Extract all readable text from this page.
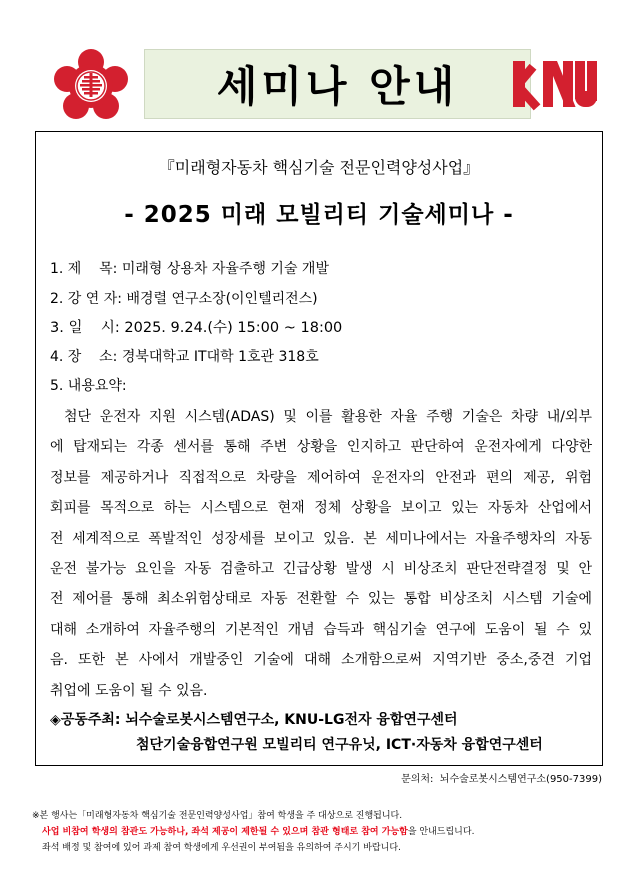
세미나 안내
『미래형자동차 핵심기술 전문인력양성사업』
- 2025 미래 모빌리티 기술세미나 -
1. 제    목: 미래형 상용차 자율주행 기술 개발
2. 강 연 자: 배경렬 연구소장(이인텔리전스)
3. 일    시: 2025. 9.24.(수) 15:00 ~ 18:00
4. 장    소: 경북대학교 IT대학 1호관 318호
5. 내용요약:
첨단 운전자 지원 시스템(ADAS) 및 이를 활용한 자율 주행 기술은 차량 내/외부
에 탑재되는 각종 센서를 통해 주변 상황을 인지하고 판단하여 운전자에게 다양한
정보를 제공하거나 직접적으로 차량을 제어하여 운전자의 안전과 편의 제공, 위험
회피를 목적으로 하는 시스템으로 현재 정체 상황을 보이고 있는 자동차 산업에서
전 세계적으로 폭발적인 성장세를 보이고 있음. 본 세미나에서는 자율주행차의 자동
운전 불가능 요인을 자동 검출하고 긴급상황 발생 시 비상조치 판단전략결정 및 안
전 제어를 통해 최소위험상태로 자동 전환할 수 있는 통합 비상조치 시스템 기술에
대해 소개하여 자율주행의 기본적인 개념 습득과 핵심기술 연구에 도움이 될 수 있
음. 또한 본 사에서 개발중인 기술에 대해 소개함으로써 지역기반 중소,중견 기업
취업에 도움이 될 수 있음.
◈공동주최: 뇌수술로봇시스템연구소, KNU-LG전자 융합연구센터
첨단기술융합연구원 모빌리티 연구유닛, ICT·자동차 융합연구센터
문의처:  뇌수술로봇시스템연구소(950-7399)
※본 행사는「미래형자동차 핵심기술 전문인력양성사업」참여 학생을 주 대상으로 진행됩니다.
사업 비참여 학생의 참관도 가능하나, 좌석 제공이 제한될 수 있으며 참관 형태로 참여 가능함을 안내드립니다.
좌석 배정 및 참여에 있어 과제 참여 학생에게 우선권이 부여됨을 유의하여 주시기 바랍니다.
